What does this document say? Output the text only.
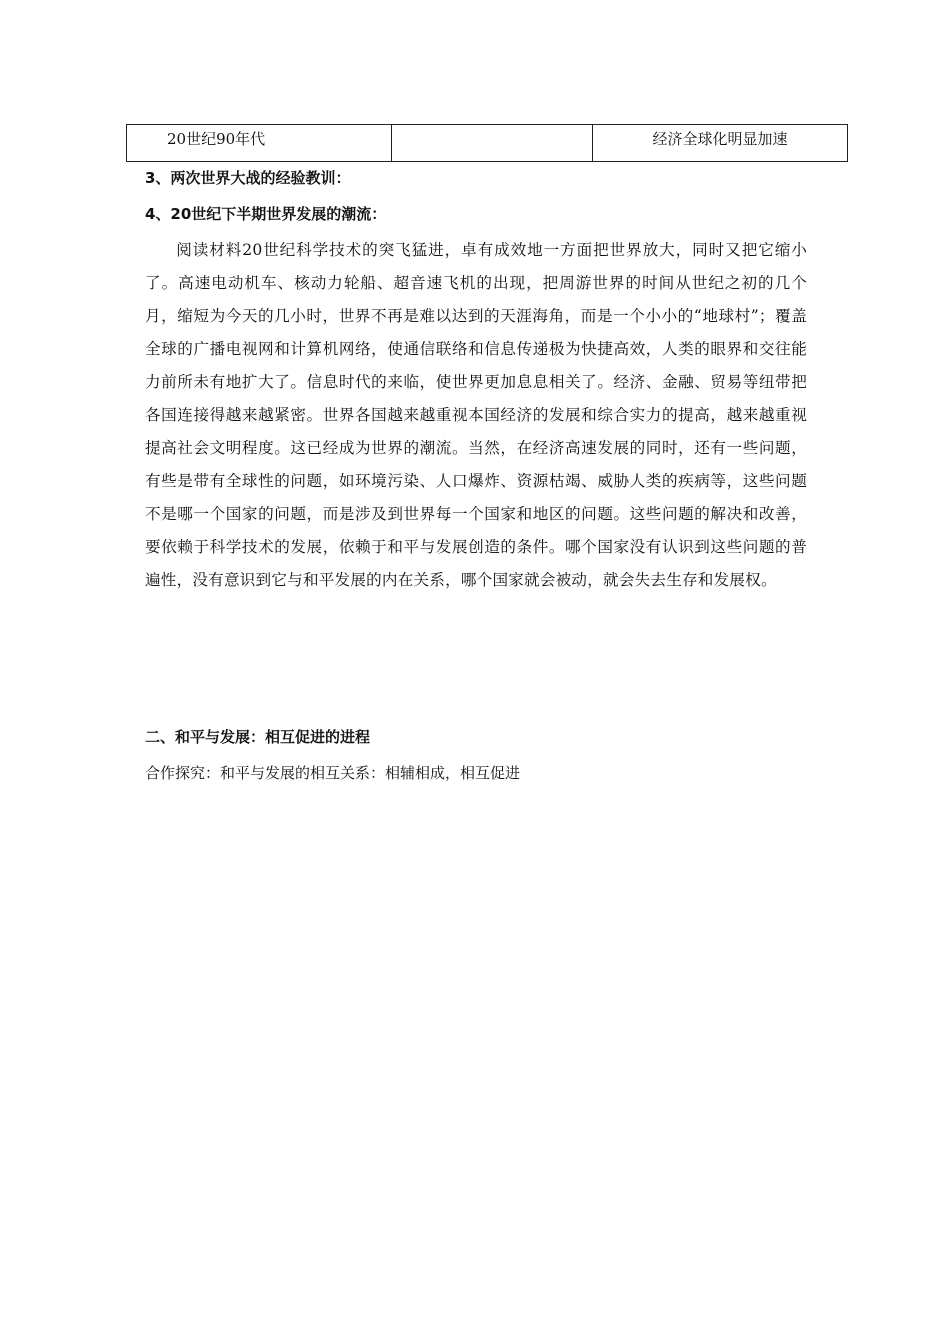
20世纪90年代		经济全球化明显加速
3、两次世界大战的经验教训：
4、20世纪下半期世界发展的潮流：

阅读材料20世纪科学技术的突飞猛进，卓有成效地一方面把世界放大，同时又把它缩小了。高速电动机车、核动力轮船、超音速飞机的出现，把周游世界的时间从世纪之初的几个月，缩短为今天的几小时，世界不再是难以达到的天涯海角，而是一个小小的“地球村”；覆盖全球的广播电视网和计算机网络，使通信联络和信息传递极为快捷高效，人类的眼界和交往能力前所未有地扩大了。信息时代的来临，使世界更加息息相关了。经济、金融、贸易等纽带把各国连接得越来越紧密。世界各国越来越重视本国经济的发展和综合实力的提高，越来越重视提高社会文明程度。这已经成为世界的潮流。当然，在经济高速发展的同时，还有一些问题，有些是带有全球性的问题，如环境污染、人口爆炸、资源枯竭、威胁人类的疾病等，这些问题不是哪一个国家的问题，而是涉及到世界每一个国家和地区的问题。这些问题的解决和改善，要依赖于科学技术的发展，依赖于和平与发展创造的条件。哪个国家没有认识到这些问题的普遍性，没有意识到它与和平发展的内在关系，哪个国家就会被动，就会失去生存和发展权。

二、和平与发展：相互促进的进程
合作探究：和平与发展的相互关系：相辅相成，相互促进
